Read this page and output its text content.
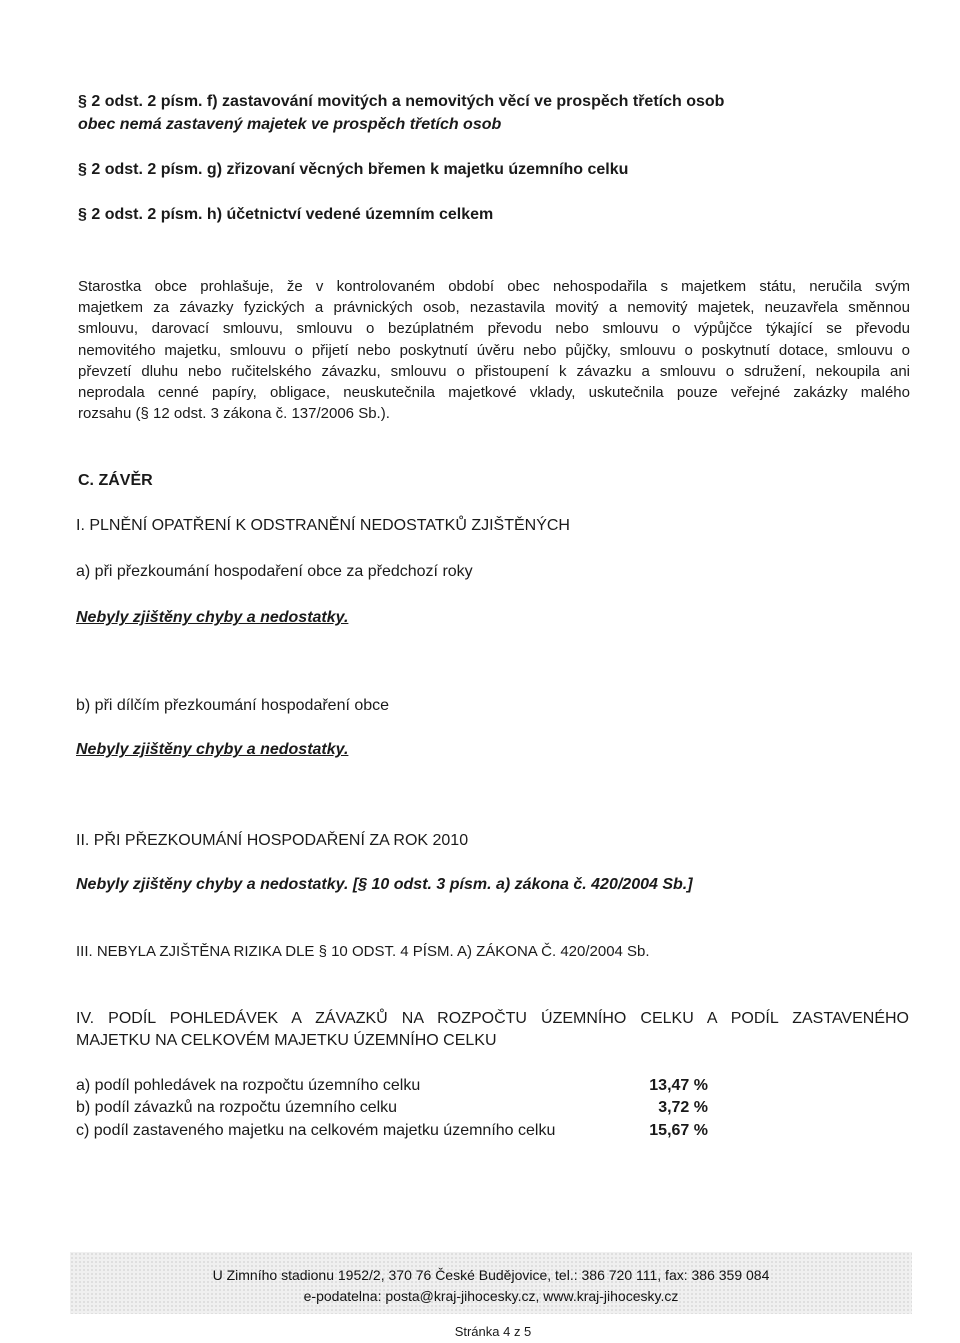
§ 2 odst. 2 písm. f) zastavování movitých a nemovitých věcí ve prospěch třetích osob
obec nemá zastavený majetek ve prospěch třetích osob
§ 2 odst. 2 písm. g) zřizovaní věcných břemen k majetku územního celku
§ 2 odst. 2 písm. h) účetnictví vedené územním celkem
Starostka obce prohlašuje, že v kontrolovaném období obec nehospodařila s majetkem státu, neručila svým
majetkem za závazky fyzických a právnických osob, nezastavila movitý a nemovitý majetek, neuzavřela směnnou
smlouvu, darovací smlouvu, smlouvu o bezúplatném převodu nebo smlouvu o výpůjčce týkající se převodu
nemovitého majetku, smlouvu o přijetí nebo poskytnutí úvěru nebo půjčky, smlouvu o poskytnutí dotace, smlouvu o
převzetí dluhu nebo ručitelského závazku, smlouvu o přistoupení k závazku a smlouvu o sdružení, nekoupila ani
neprodala cenné papíry, obligace, neuskutečnila majetkové vklady, uskutečnila pouze veřejné zakázky malého
rozsahu (§ 12 odst. 3 zákona č. 137/2006 Sb.).
C. ZÁVĚR
I. PLNĚNÍ OPATŘENÍ K ODSTRANĚNÍ NEDOSTATKŮ ZJIŠTĚNÝCH
a) při přezkoumání hospodaření obce za předchozí roky
Nebyly zjištěny chyby a nedostatky.
b) při dílčím přezkoumání hospodaření obce
Nebyly zjištěny chyby a nedostatky.
II. PŘI PŘEZKOUMÁNÍ HOSPODAŘENÍ ZA ROK 2010
Nebyly zjištěny chyby a nedostatky. [§ 10 odst. 3 písm. a) zákona č. 420/2004 Sb.]
III. NEBYLA ZJIŠTĚNA RIZIKA DLE § 10 ODST. 4 PÍSM. A) ZÁKONA Č. 420/2004 Sb.
IV. PODÍL POHLEDÁVEK A ZÁVAZKŮ NA ROZPOČTU ÚZEMNÍHO CELKU A PODÍL ZASTAVENÉHO
MAJETKU NA CELKOVÉM MAJETKU ÚZEMNÍHO CELKU
a) podíl pohledávek na rozpočtu územního celku	13,47 %
b) podíl závazků na rozpočtu územního celku	3,72 %
c) podíl zastaveného majetku na celkovém majetku územního celku	15,67 %
U Zimního stadionu 1952/2, 370 76 České Budějovice, tel.: 386 720 111, fax: 386 359 084
e-podatelna: posta@kraj-jihocesky.cz, www.kraj-jihocesky.cz
Stránka 4 z 5
